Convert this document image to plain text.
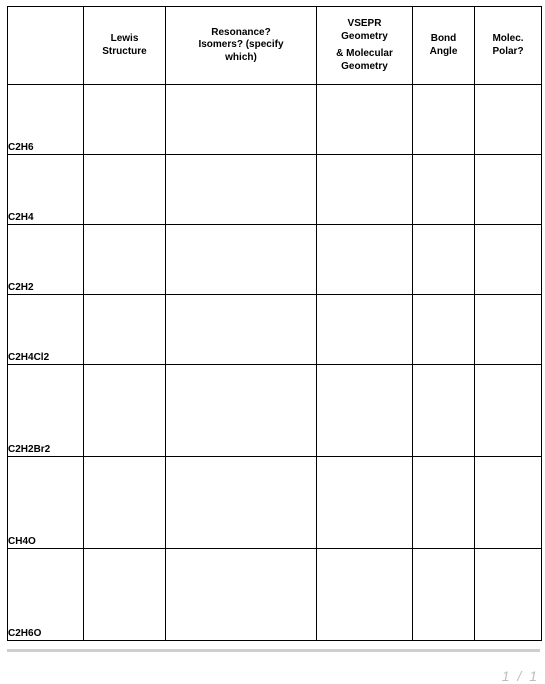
	Lewis
Structure	Resonance?
Isomers? (specify
which)	VSEPR
Geometry
& Molecular
Geometry	Bond
Angle	Molec.
Polar?

C2H6					
C2H4					
C2H2					
C2H4Cl2					
C2H2Br2					
CH4O					
C2H6O					
1 / 1
